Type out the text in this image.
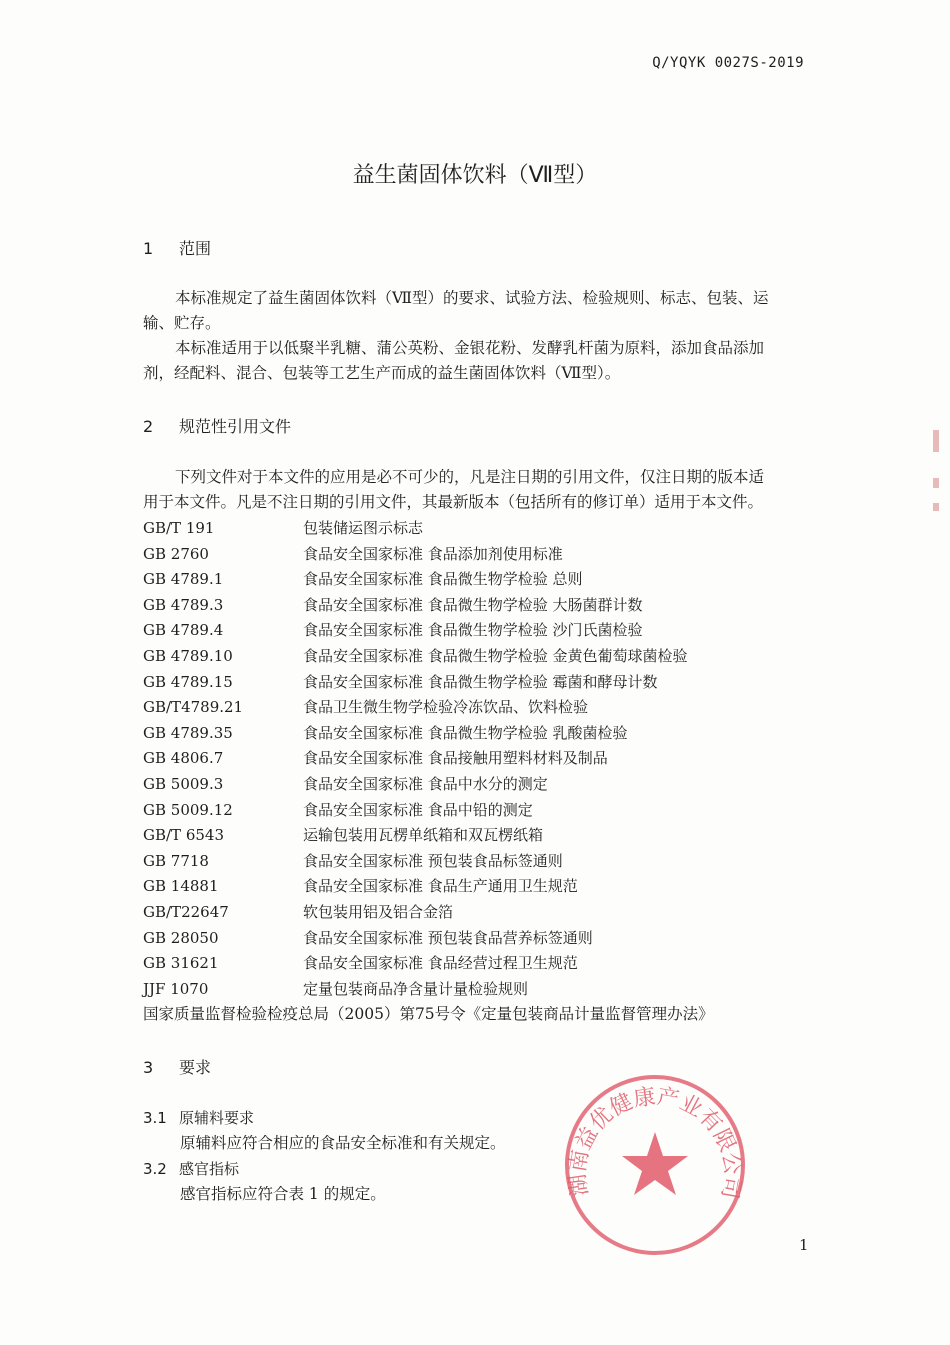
Q/YQYK 0027S-2019
益生菌固体饮料（Ⅶ型）
1 范围
本标准规定了益生菌固体饮料（Ⅶ型）的要求、试验方法、检验规则、标志、包装、运
输、贮存。
本标准适用于以低聚半乳糖、蒲公英粉、金银花粉、发酵乳杆菌为原料，添加食品添加
剂，经配料、混合、包装等工艺生产而成的益生菌固体饮料（Ⅶ型）。
2 规范性引用文件
下列文件对于本文件的应用是必不可少的，凡是注日期的引用文件，仅注日期的版本适
用于本文件。凡是不注日期的引用文件，其最新版本（包括所有的修订单）适用于本文件。
GB/T 191	包装储运图示标志
GB 2760	食品安全国家标准 食品添加剂使用标准
GB 4789.1	食品安全国家标准 食品微生物学检验 总则
GB 4789.3	食品安全国家标准 食品微生物学检验 大肠菌群计数
GB 4789.4	食品安全国家标准 食品微生物学检验 沙门氏菌检验
GB 4789.10	食品安全国家标准 食品微生物学检验 金黄色葡萄球菌检验
GB 4789.15	食品安全国家标准 食品微生物学检验 霉菌和酵母计数
GB/T4789.21	食品卫生微生物学检验冷冻饮品、饮料检验
GB 4789.35	食品安全国家标准 食品微生物学检验 乳酸菌检验
GB 4806.7	食品安全国家标准 食品接触用塑料材料及制品
GB 5009.3	食品安全国家标准 食品中水分的测定
GB 5009.12	食品安全国家标准 食品中铅的测定
GB/T 6543	运输包装用瓦楞单纸箱和双瓦楞纸箱
GB 7718	食品安全国家标准 预包装食品标签通则
GB 14881	食品安全国家标准 食品生产通用卫生规范
GB/T22647	软包装用铝及铝合金箔
GB 28050	食品安全国家标准 预包装食品营养标签通则
GB 31621	食品安全国家标准 食品经营过程卫生规范
JJF 1070	定量包装商品净含量计量检验规则
国家质量监督检验检疫总局（2005）第75号令《定量包装商品计量监督管理办法》
3 要求
3.1 原辅料要求
原辅料应符合相应的食品安全标准和有关规定。
3.2 感官指标
感官指标应符合表 1 的规定。	湖南益优健康产业有限公司
1
